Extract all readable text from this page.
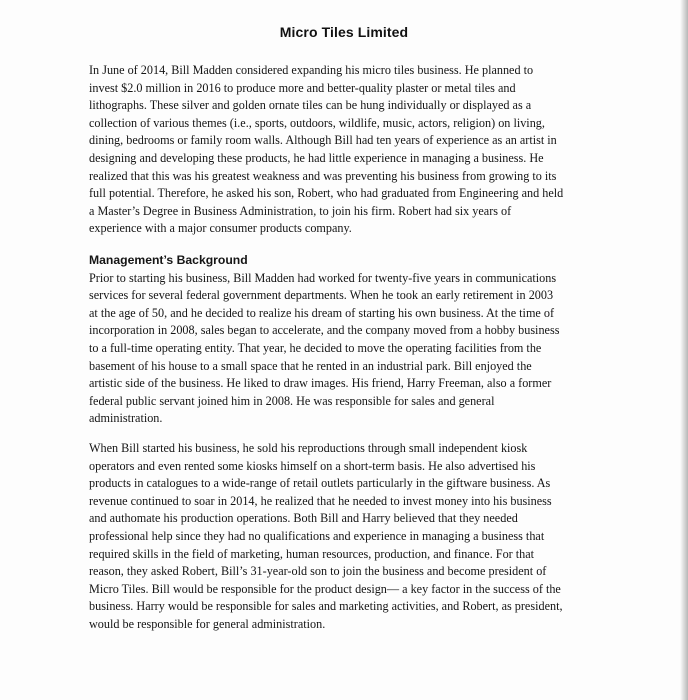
Micro Tiles Limited

In June of 2014, Bill Madden considered expanding his micro tiles business. He planned to
invest $2.0 million in 2016 to produce more and better-quality plaster or metal tiles and
lithographs. These silver and golden ornate tiles can be hung individually or displayed as a
collection of various themes (i.e., sports, outdoors, wildlife, music, actors, religion) on living,
dining, bedrooms or family room walls. Although Bill had ten years of experience as an artist in
designing and developing these products, he had little experience in managing a business. He
realized that this was his greatest weakness and was preventing his business from growing to its
full potential. Therefore, he asked his son, Robert, who had graduated from Engineering and held
a Master’s Degree in Business Administration, to join his firm. Robert had six years of
experience with a major consumer products company.

Management’s Background

Prior to starting his business, Bill Madden had worked for twenty-five years in communications
services for several federal government departments. When he took an early retirement in 2003
at the age of 50, and he decided to realize his dream of starting his own business. At the time of
incorporation in 2008, sales began to accelerate, and the company moved from a hobby business
to a full-time operating entity. That year, he decided to move the operating facilities from the
basement of his house to a small space that he rented in an industrial park. Bill enjoyed the
artistic side of the business. He liked to draw images. His friend, Harry Freeman, also a former
federal public servant joined him in 2008. He was responsible for sales and general
administration.

When Bill started his business, he sold his reproductions through small independent kiosk
operators and even rented some kiosks himself on a short-term basis. He also advertised his
products in catalogues to a wide-range of retail outlets particularly in the giftware business. As
revenue continued to soar in 2014, he realized that he needed to invest money into his business
and authomate his production operations. Both Bill and Harry believed that they needed
professional help since they had no qualifications and experience in managing a business that
required skills in the field of marketing, human resources, production, and finance. For that
reason, they asked Robert, Bill’s 31-year-old son to join the business and become president of
Micro Tiles. Bill would be responsible for the product design— a key factor in the success of the
business. Harry would be responsible for sales and marketing activities, and Robert, as president,
would be responsible for general administration.
